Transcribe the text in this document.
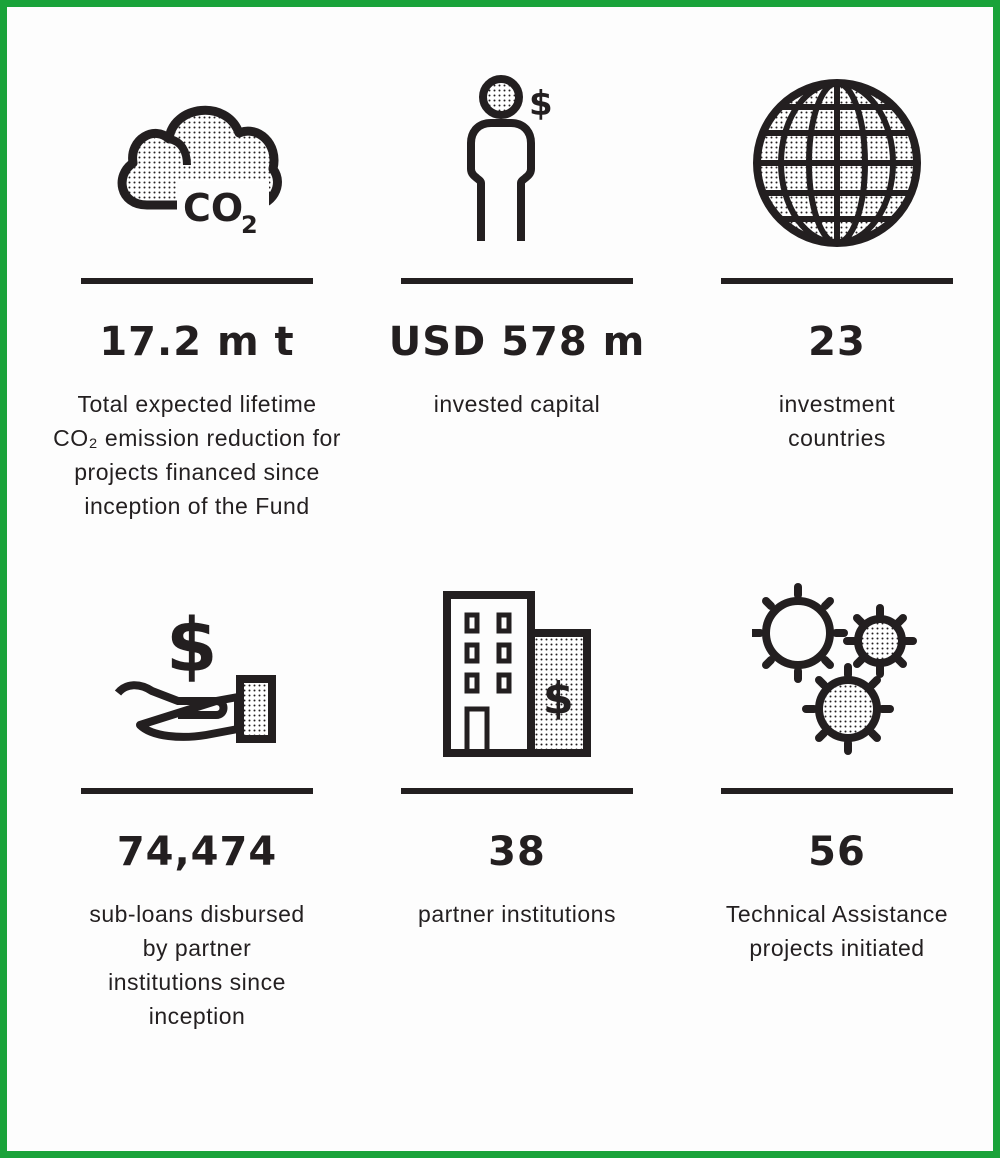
CO
2
17.2 m t
Total expected lifetime
CO₂ emission reduction for
projects financed since
inception of the Fund
$
USD 578 m
invested capital
23
investment
countries
$
74,474
sub-loans disbursed
by partner
institutions since
inception
$
38
partner institutions
56
Technical Assistance
projects initiated
